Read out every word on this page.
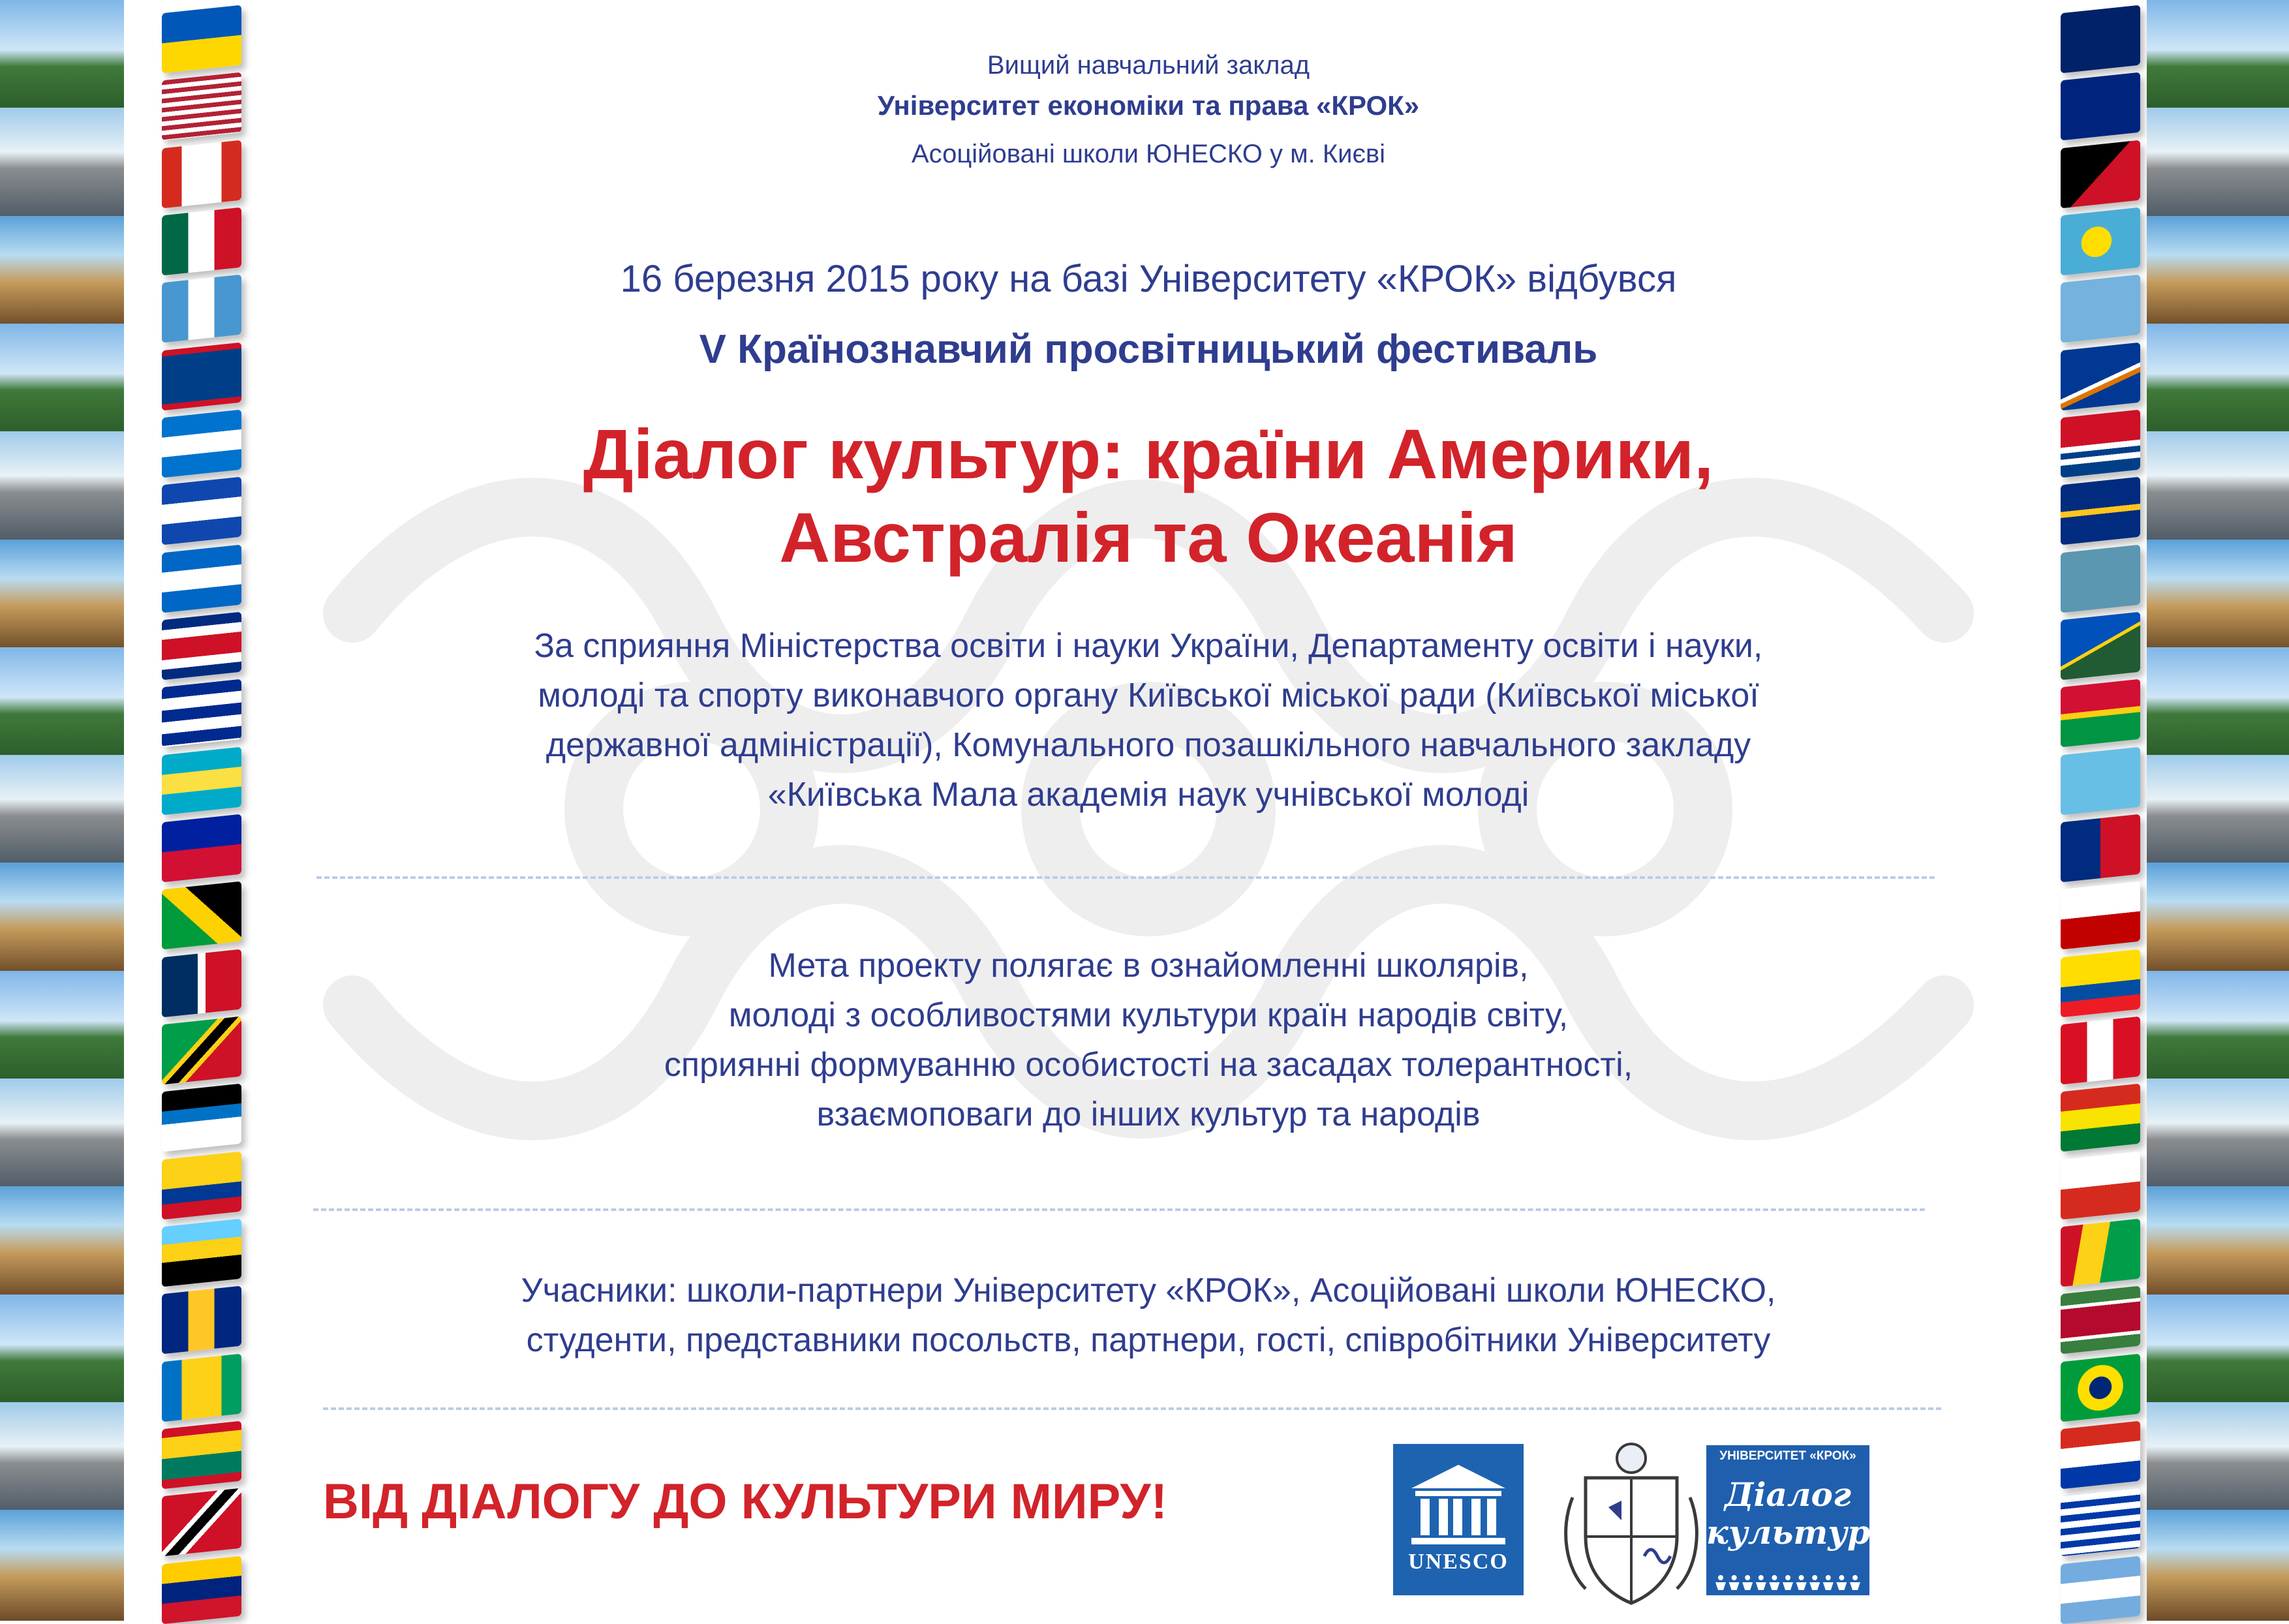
Вищий навчальний заклад
Університет економіки та права «КРОК»
Асоційовані школи ЮНЕСКО у м. Києві
16 березня 2015 року на базі Університету «КРОК» відбувся
V Країнознавчий просвітницький фестиваль
Діалог культур: країни Америки,
Австралія та Океанія
За сприяння Міністерства освіти і науки України, Департаменту освіти і науки,
молоді та спорту виконавчого органу Київської міської ради (Київської міської
державної адміністрації), Комунального позашкільного навчального закладу
«Київська Мала академія наук учнівської молоді
Мета проекту полягає в ознайомленні школярів,
молоді з особливостями культури країн народів світу,
сприянні формуванню особистості на засадах толерантності,
взаємоповаги до інших культур та народів
Учасники: школи-партнери Університету «КРОК», Асоційовані школи ЮНЕСКО,
студенти, представники посольств, партнери, гості, співробітники Університету
ВІД ДІАЛОГУ ДО КУЛЬТУРИ МИРУ!
UNESCO
УНІВЕРСИТЕТ «КРОК»
Діалог
культур
